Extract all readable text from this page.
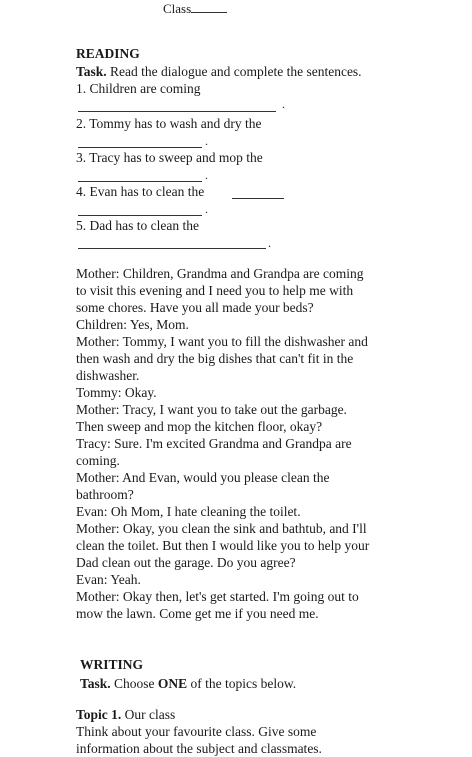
Class
READING
Task. Read the dialogue and complete the sentences.
1. Children are coming
.
2. Tommy has to wash and dry the
.
3. Tracy has to sweep and mop the
.
4. Evan has to clean the
.
5. Dad has to clean the
.

Mother: Children, Grandma and Grandpa are coming

to visit this evening and I need you to help me with

some chores. Have you all made your beds?

Children: Yes, Mom.

Mother: Tommy, I want you to fill the dishwasher and

then wash and dry the big dishes that can't fit in the

dishwasher.

Tommy: Okay.

Mother: Tracy, I want you to take out the garbage.

Then sweep and mop the kitchen floor, okay?

Tracy: Sure. I'm excited Grandma and Grandpa are

coming.

Mother: And Evan, would you please clean the

bathroom?

Evan: Oh Mom, I hate cleaning the toilet.

Mother: Okay, you clean the sink and bathtub, and I'll

clean the toilet. But then I would like you to help your

Dad clean out the garage. Do you agree?

Evan: Yeah.

Mother: Okay then, let's get started. I'm going out to

mow the lawn. Come get me if you need me.

WRITING
Task. Choose ONE of the topics below.
Topic 1. Our class
Think about your favourite class. Give some
information about the subject and classmates.
